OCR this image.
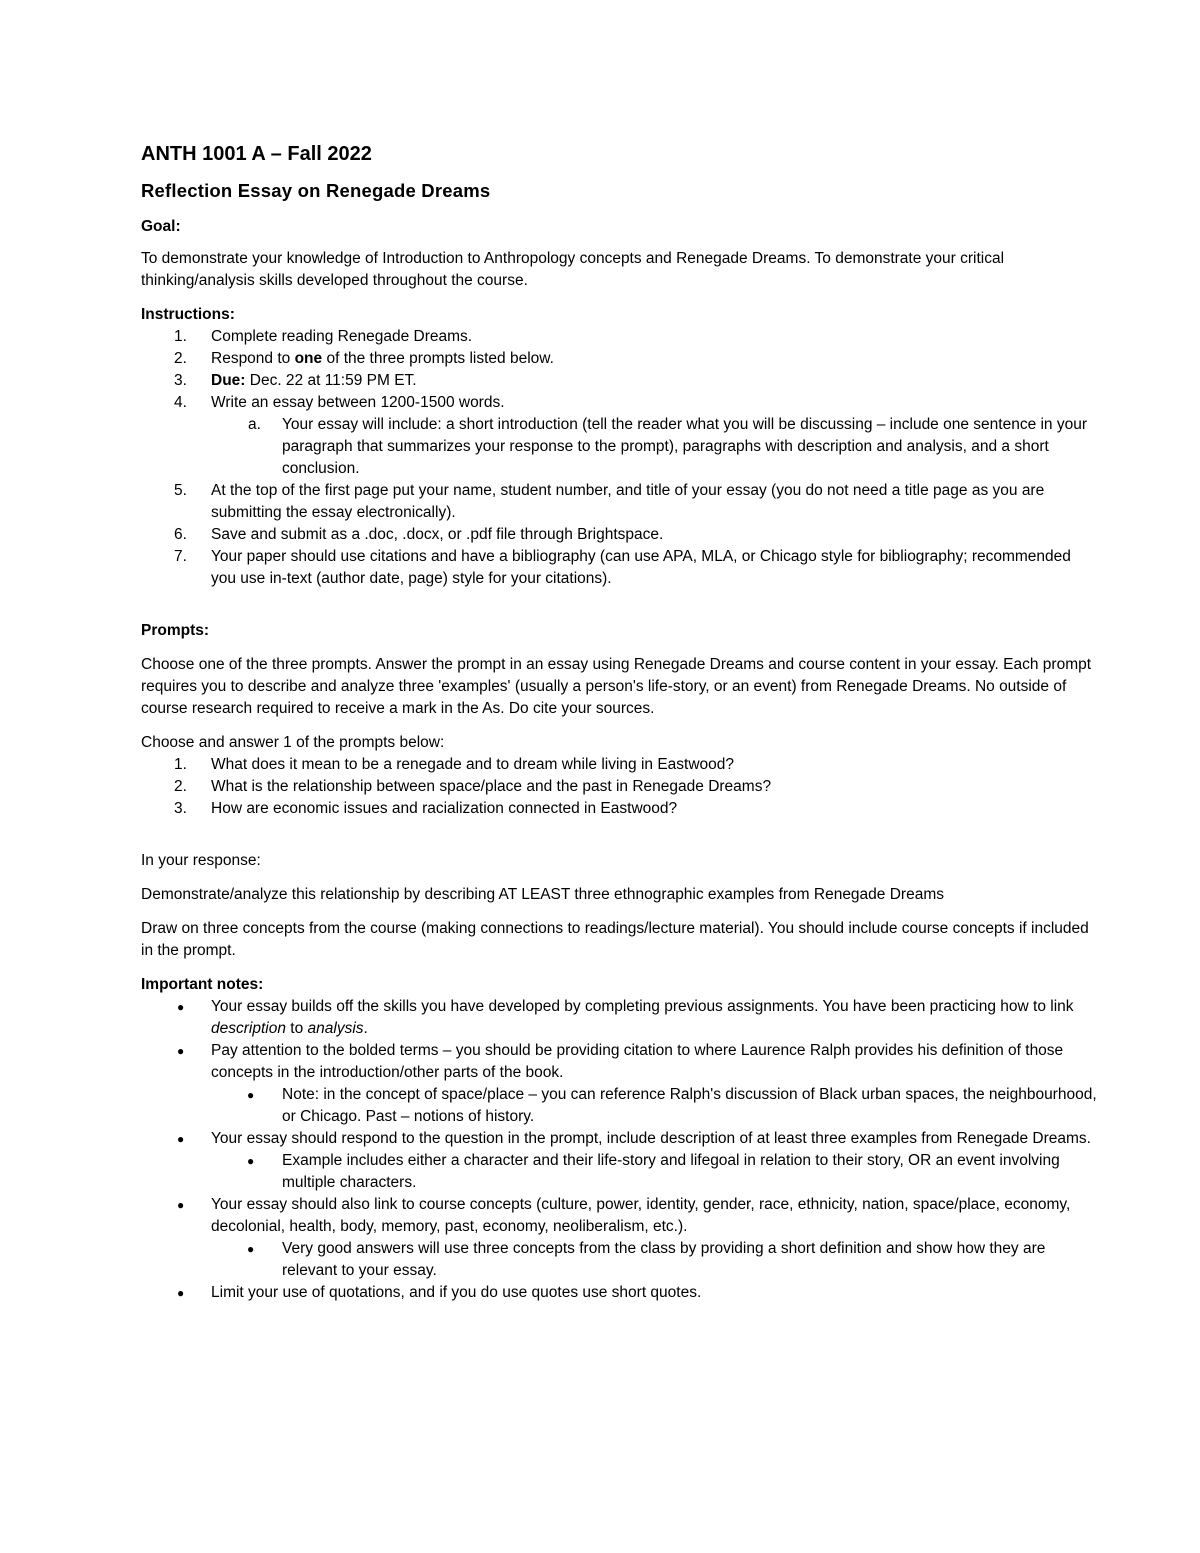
ANTH 1001 A – Fall 2022
Reflection Essay on Renegade Dreams
Goal:

To demonstrate your knowledge of Introduction to Anthropology concepts and Renegade Dreams. To demonstrate your critical thinking/analysis skills developed throughout the course.

Instructions:
1. Complete reading Renegade Dreams.
2. Respond to one of the three prompts listed below.
3. Due: Dec. 22 at 11:59 PM ET.
4. Write an essay between 1200-1500 words.
a. Your essay will include: a short introduction (tell the reader what you will be discussing – include one sentence in your paragraph that summarizes your response to the prompt), paragraphs with description and analysis, and a short conclusion.
5. At the top of the first page put your name, student number, and title of your essay (you do not need a title page as you are submitting the essay electronically).
6. Save and submit as a .doc, .docx, or .pdf file through Brightspace.
7. Your paper should use citations and have a bibliography (can use APA, MLA, or Chicago style for bibliography; recommended you use in-text (author date, page) style for your citations).
Prompts:

Choose one of the three prompts. Answer the prompt in an essay using Renegade Dreams and course content in your essay. Each prompt requires you to describe and analyze three 'examples' (usually a person's life-story, or an event) from Renegade Dreams. No outside of course research required to receive a mark in the As. Do cite your sources.

Choose and answer 1 of the prompts below:

1. What does it mean to be a renegade and to dream while living in Eastwood?
2. What is the relationship between space/place and the past in Renegade Dreams?
3. How are economic issues and racialization connected in Eastwood?

In your response:

Demonstrate/analyze this relationship by describing AT LEAST three ethnographic examples from Renegade Dreams

Draw on three concepts from the course (making connections to readings/lecture material). You should include course concepts if included in the prompt.

Important notes:
● Your essay builds off the skills you have developed by completing previous assignments. You have been practicing how to link description to analysis.
● Pay attention to the bolded terms – you should be providing citation to where Laurence Ralph provides his definition of those concepts in the introduction/other parts of the book.
● Note: in the concept of space/place – you can reference Ralph's discussion of Black urban spaces, the neighbourhood, or Chicago. Past – notions of history.
● Your essay should respond to the question in the prompt, include description of at least three examples from Renegade Dreams.
● Example includes either a character and their life-story and lifegoal in relation to their story, OR an event involving multiple characters.
● Your essay should also link to course concepts (culture, power, identity, gender, race, ethnicity, nation, space/place, economy, decolonial, health, body, memory, past, economy, neoliberalism, etc.).
● Very good answers will use three concepts from the class by providing a short definition and show how they are relevant to your essay.
● Limit your use of quotations, and if you do use quotes use short quotes.
